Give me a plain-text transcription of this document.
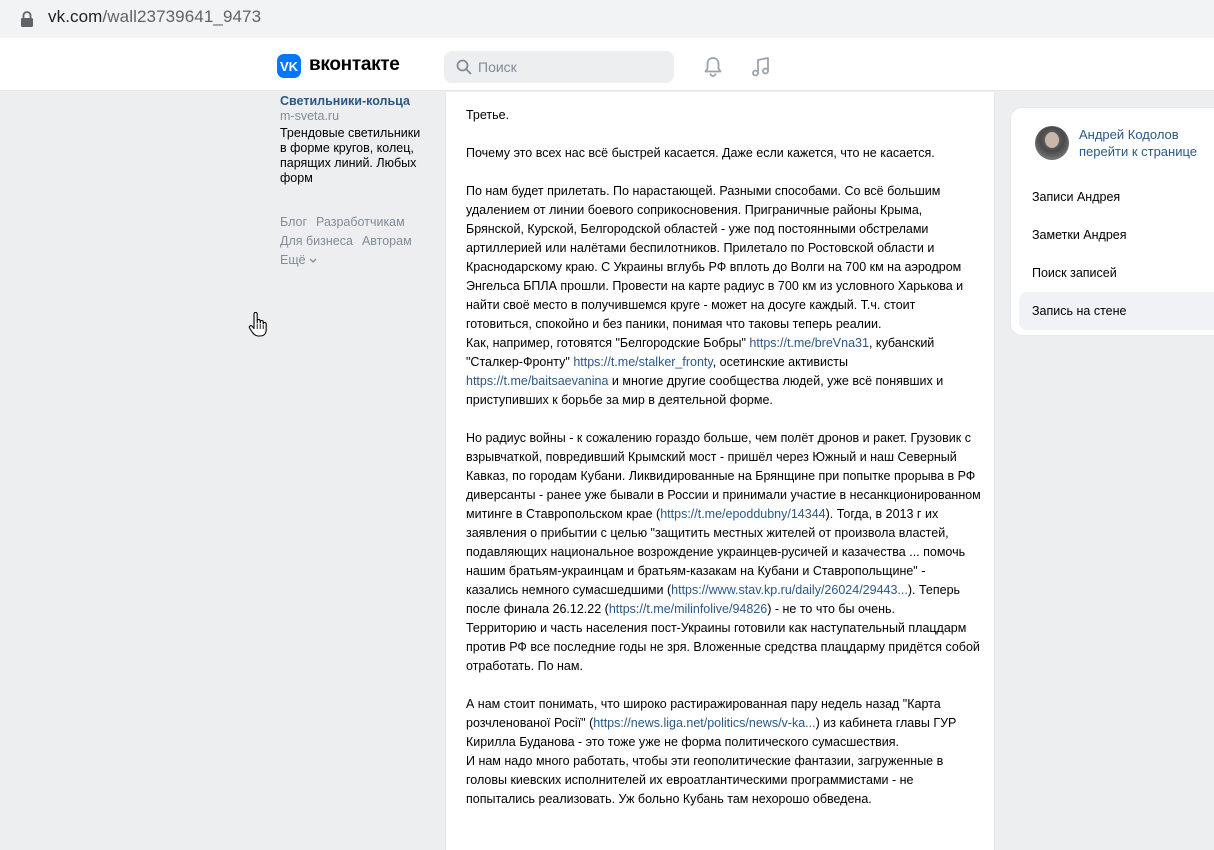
vk.com/wall23739641_9473
VK вконтакте
Поиск
Светильники-кольца
m-sveta.ru
Трендовые светильники в форме кругов, колец, парящих линий. Любых форм
Блог Разработчикам
Для бизнеса Авторам
Ещё

Третье.

Почему это всех нас всё быстрей касается. Даже если кажется, что не касается.

По нам будет прилетать. По нарастающей. Разными способами. Со всё большим удалением от линии боевого соприкосновения. Приграничные районы Крыма, Брянской, Курской, Белгородской областей - уже под постоянными обстрелами артиллерией или налётами беспилотников. Прилетало по Ростовской области и Краснодарскому краю. С Украины вглубь РФ вплоть до Волги на 700 км на аэродром Энгельса БПЛА прошли. Провести на карте радиус в 700 км из условного Харькова и найти своё место в получившемся круге - может на досуге каждый. Т.ч. стоит готовиться, спокойно и без паники, понимая что таковы теперь реалии.
Как, например, готовятся "Белгородские Бобры" https://t.me/breVna31, кубанский "Сталкер-Фронту" https://t.me/stalker_fronty, осетинские активисты https://t.me/baitsaevanina и многие другие сообщества людей, уже всё понявших и приступивших к борьбе за мир в деятельной форме.

Но радиус войны - к сожалению гораздо больше, чем полёт дронов и ракет. Грузовик с взрывчаткой, повредивший Крымский мост - пришёл через Южный и наш Северный Кавказ, по городам Кубани. Ликвидированные на Брянщине при попытке прорыва в РФ диверсанты - ранее уже бывали в России и принимали участие в несанкционированном митинге в Ставропольском крае (https://t.me/epoddubny/14344). Тогда, в 2013 г их заявления о прибытии с целью "защитить местных жителей от произвола властей, подавляющих национальное возрождение украинцев-русичей и казачества ... помочь нашим братьям-украинцам и братьям-казакам на Кубани и Ставропольщине" - казались немного сумасшедшими (https://www.stav.kp.ru/daily/26024/29443...). Теперь после финала 26.12.22 (https://t.me/milinfolive/94826) - не то что бы очень.
Территорию и часть населения пост-Украины готовили как наступательный плацдарм против РФ все последние годы не зря. Вложенные средства плацдарму придётся собой отработать. По нам.

А нам стоит понимать, что широко растиражированная пару недель назад "Карта розчленованої Росії" (https://news.liga.net/politics/news/v-ka...) из кабинета главы ГУР Кирилла Буданова - это тоже уже не форма политического сумасшествия.
И нам надо много работать, чтобы эти геополитические фантазии, загруженные в головы киевских исполнителей их евроатлантическими программистами - не попытались реализовать. Уж больно Кубань там нехорошо обведена.

Андрей Кодолов
перейти к странице
Записи Андрея
Заметки Андрея
Поиск записей
Запись на стене
